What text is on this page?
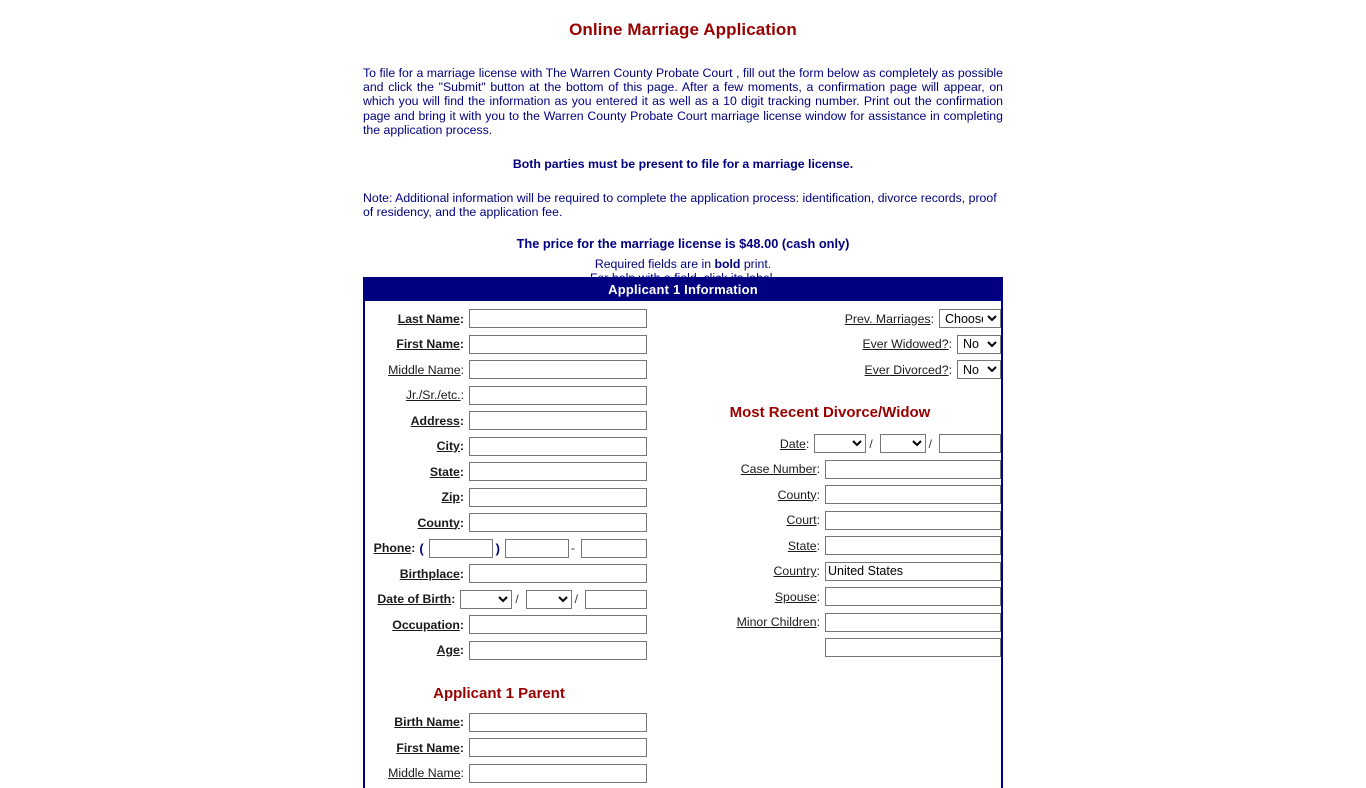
Online Marriage Application

To file for a marriage license with The Warren County Probate Court , fill out the form below as completely as possible and click the "Submit" button at the bottom of this page. After a few moments, a confirmation page will appear, on which you will find the information as you entered it as well as a 10 digit tracking number. Print out the confirmation page and bring it with you to the Warren County Probate Court marriage license window for assistance in completing the application process.

Both parties must be present to file for a marriage license.

Note: Additional information will be required to complete the application process: identification, divorce records, proof of residency, and the application fee.

The price for the marriage license is $48.00 (cash only)

Required fields are in bold print.

Applicant 1 Information
Last Name:
First Name:
Middle Name:
Jr./Sr./etc.:
Address:
City:
State:
Zip:
County:
Phone: (	)	-
Birthplace:
Date of Birth:	/	/
Occupation:
Age:
Applicant 1 Parent
Birth Name:
First Name:
Middle Name:
Prev. Marriages:
Choose
Ever Widowed?:
No
Ever Divorced?:
No
Most Recent Divorce/Widow
Date:	/	/
Case Number:
County:
Court:
State:
Country:
United States
Spouse:
Minor Children:
